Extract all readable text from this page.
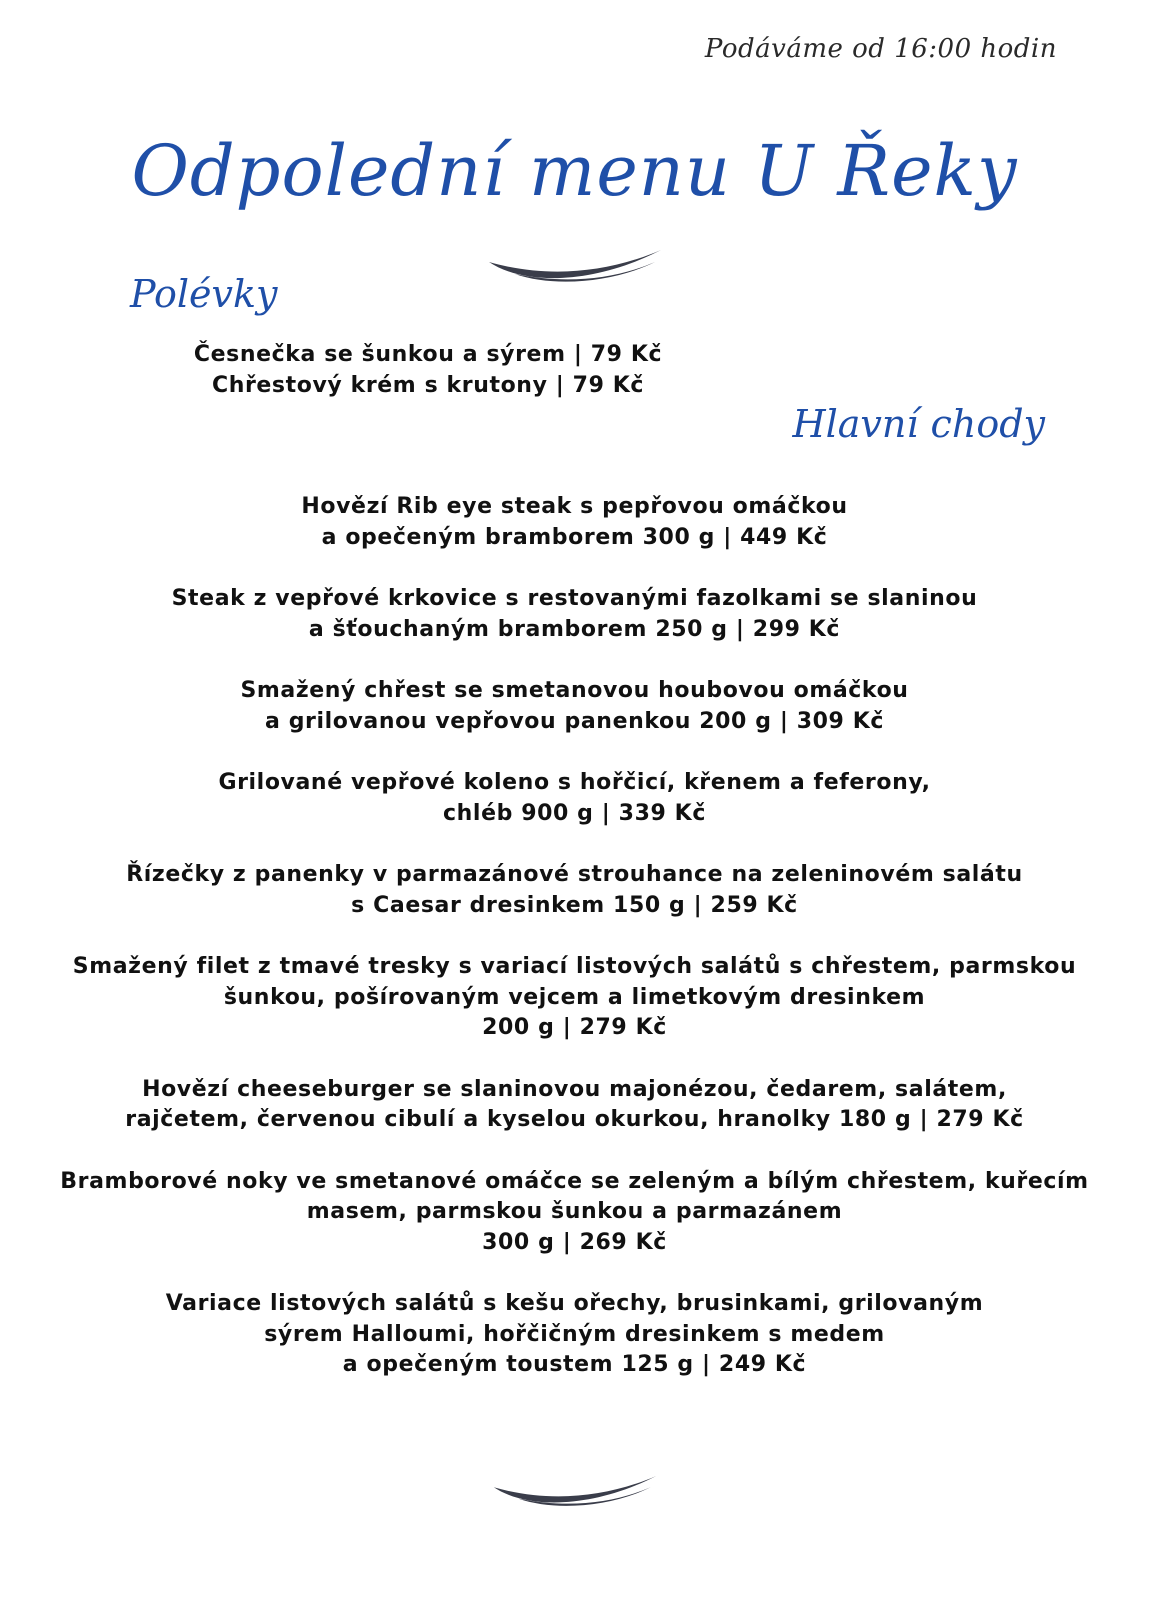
Podáváme od 16:00 hodin
Odpolední menu U Řeky
Polévky
Česnečka se šunkou a sýrem | 79 Kč
Chřestový krém s krutony | 79 Kč
Hlavní chody
Hovězí Rib eye steak s pepřovou omáčkou
a opečeným bramborem 300 g | 449 Kč
Steak z vepřové krkovice s restovanými fazolkami se slaninou
a šťouchaným bramborem 250 g | 299 Kč
Smažený chřest se smetanovou houbovou omáčkou
a grilovanou vepřovou panenkou 200 g | 309 Kč
Grilované vepřové koleno s hořčicí, křenem a feferony,
chléb 900 g | 339 Kč
Řízečky z panenky v parmazánové strouhance na zeleninovém salátu
s Caesar dresinkem 150 g | 259 Kč
Smažený filet z tmavé tresky s variací listových salátů s chřestem, parmskou
šunkou, pošírovaným vejcem a limetkovým dresinkem
200 g | 279 Kč
Hovězí cheeseburger se slaninovou majonézou, čedarem, salátem,
rajčetem, červenou cibulí a kyselou okurkou, hranolky 180 g | 279 Kč
Bramborové noky ve smetanové omáčce se zeleným a bílým chřestem, kuřecím
masem, parmskou šunkou a parmazánem
300 g | 269 Kč
Variace listových salátů s kešu ořechy, brusinkami, grilovaným
sýrem Halloumi, hořčičným dresinkem s medem
a opečeným toustem 125 g | 249 Kč
